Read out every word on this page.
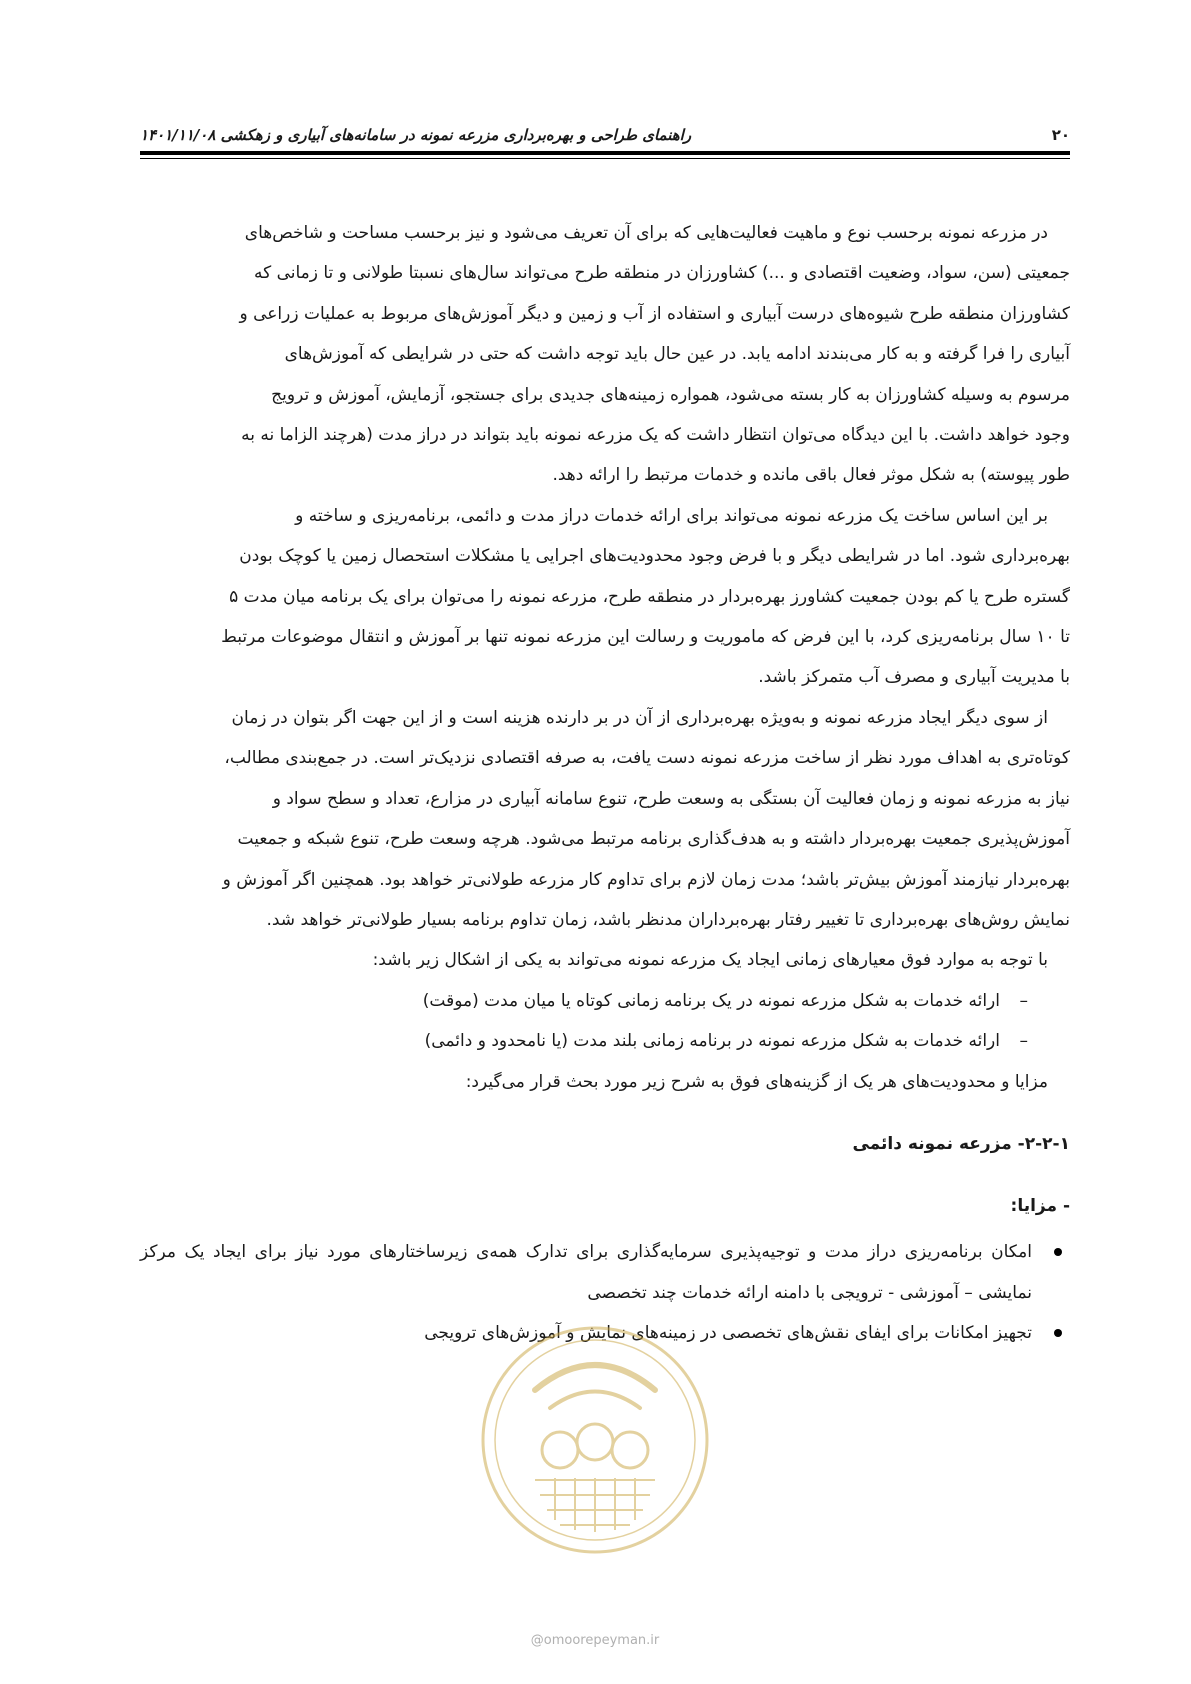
۲۰
راهنمای طراحی و بهره‌برداری مزرعه نمونه در سامانه‌های آبیاری و زهکشی ۱۴۰۱/۱۱/۰۸

در مزرعه نمونه برحسب نوع و ماهیت فعالیت‌هایی که برای آن تعریف می‌شود و نیز برحسب مساحت و شاخص‌های
جمعیتی (سن، سواد، وضعیت اقتصادی و ...) کشاورزان در منطقه طرح می‌تواند سال‌های نسبتا طولانی و تا زمانی که
کشاورزان منطقه طرح شیوه‌های درست آبیاری و استفاده از آب و زمین و دیگر آموزش‌های مربوط به عملیات زراعی و
آبیاری را فرا گرفته و به کار می‌بندند ادامه یابد. در عین حال باید توجه داشت که حتی در شرایطی که آموزش‌های
مرسوم به وسیله کشاورزان به کار بسته می‌شود، همواره زمینه‌های جدیدی برای جستجو، آزمایش، آموزش و ترویج
وجود خواهد داشت. با این دیدگاه می‌توان انتظار داشت که یک مزرعه نمونه باید بتواند در دراز مدت (هرچند الزاما نه به
طور پیوسته) به شکل موثر فعال باقی مانده و خدمات مرتبط را ارائه دهد.

بر این اساس ساخت یک مزرعه نمونه می‌تواند برای ارائه خدمات دراز مدت و دائمی، برنامه‌ریزی و ساخته و
بهره‌برداری شود. اما در شرایطی دیگر و با فرض وجود محدودیت‌های اجرایی یا مشکلات استحصال زمین یا کوچک بودن
گستره طرح یا کم بودن جمعیت کشاورز بهره‌بردار در منطقه طرح، مزرعه نمونه را می‌توان برای یک برنامه میان مدت ۵
تا ۱۰ سال برنامه‌ریزی کرد، با این فرض که ماموریت و رسالت این مزرعه نمونه تنها بر آموزش و انتقال موضوعات مرتبط
با مدیریت آبیاری و مصرف آب متمرکز باشد.

از سوی دیگر ایجاد مزرعه نمونه و به‌ویژه بهره‌برداری از آن در بر دارنده هزینه است و از این جهت اگر بتوان در زمان
کوتاه‌تری به اهداف مورد نظر از ساخت مزرعه نمونه دست یافت، به صرفه اقتصادی نزدیک‌تر است. در جمع‌بندی مطالب،
نیاز به مزرعه نمونه و زمان فعالیت آن بستگی به وسعت طرح، تنوع سامانه آبیاری در مزارع، تعداد و سطح سواد و
آموزش‌پذیری جمعیت بهره‌بردار داشته و به هدف‌گذاری برنامه مرتبط می‌شود. هرچه وسعت طرح، تنوع شبکه و جمعیت
بهره‌بردار نیازمند آموزش بیش‌تر باشد؛ مدت زمان لازم برای تداوم کار مزرعه طولانی‌تر خواهد بود. همچنین اگر آموزش و
نمایش روش‌های بهره‌برداری تا تغییر رفتار بهره‌برداران مدنظر باشد، زمان تداوم برنامه بسیار طولانی‌تر خواهد شد.

با توجه به موارد فوق معیارهای زمانی ایجاد یک مزرعه نمونه می‌تواند به یکی از اشکال زیر باشد:

–
ارائه خدمات به شکل مزرعه نمونه در یک برنامه زمانی کوتاه یا میان مدت (موقت)
–
ارائه خدمات به شکل مزرعه نمونه در برنامه زمانی بلند مدت (یا نامحدود و دائمی)

مزایا و محدودیت‌های هر یک از گزینه‌های فوق به شرح زیر مورد بحث قرار می‌گیرد:

۲-۲-۱- مزرعه نمونه دائمی

- مزایا:

امکان برنامه‌ریزی دراز مدت و توجیه‌پذیری سرمایه‌گذاری برای تدارک همه‌ی زیرساختارهای مورد نیاز برای ایجاد یک مرکز نمایشی – آموزشی - ترویجی با دامنه ارائه خدمات چند تخصصی
تجهیز امکانات برای ایفای نقش‌های تخصصی در زمینه‌های نمایش و آموزش‌های ترویجی
@omoorepeyman.ir
